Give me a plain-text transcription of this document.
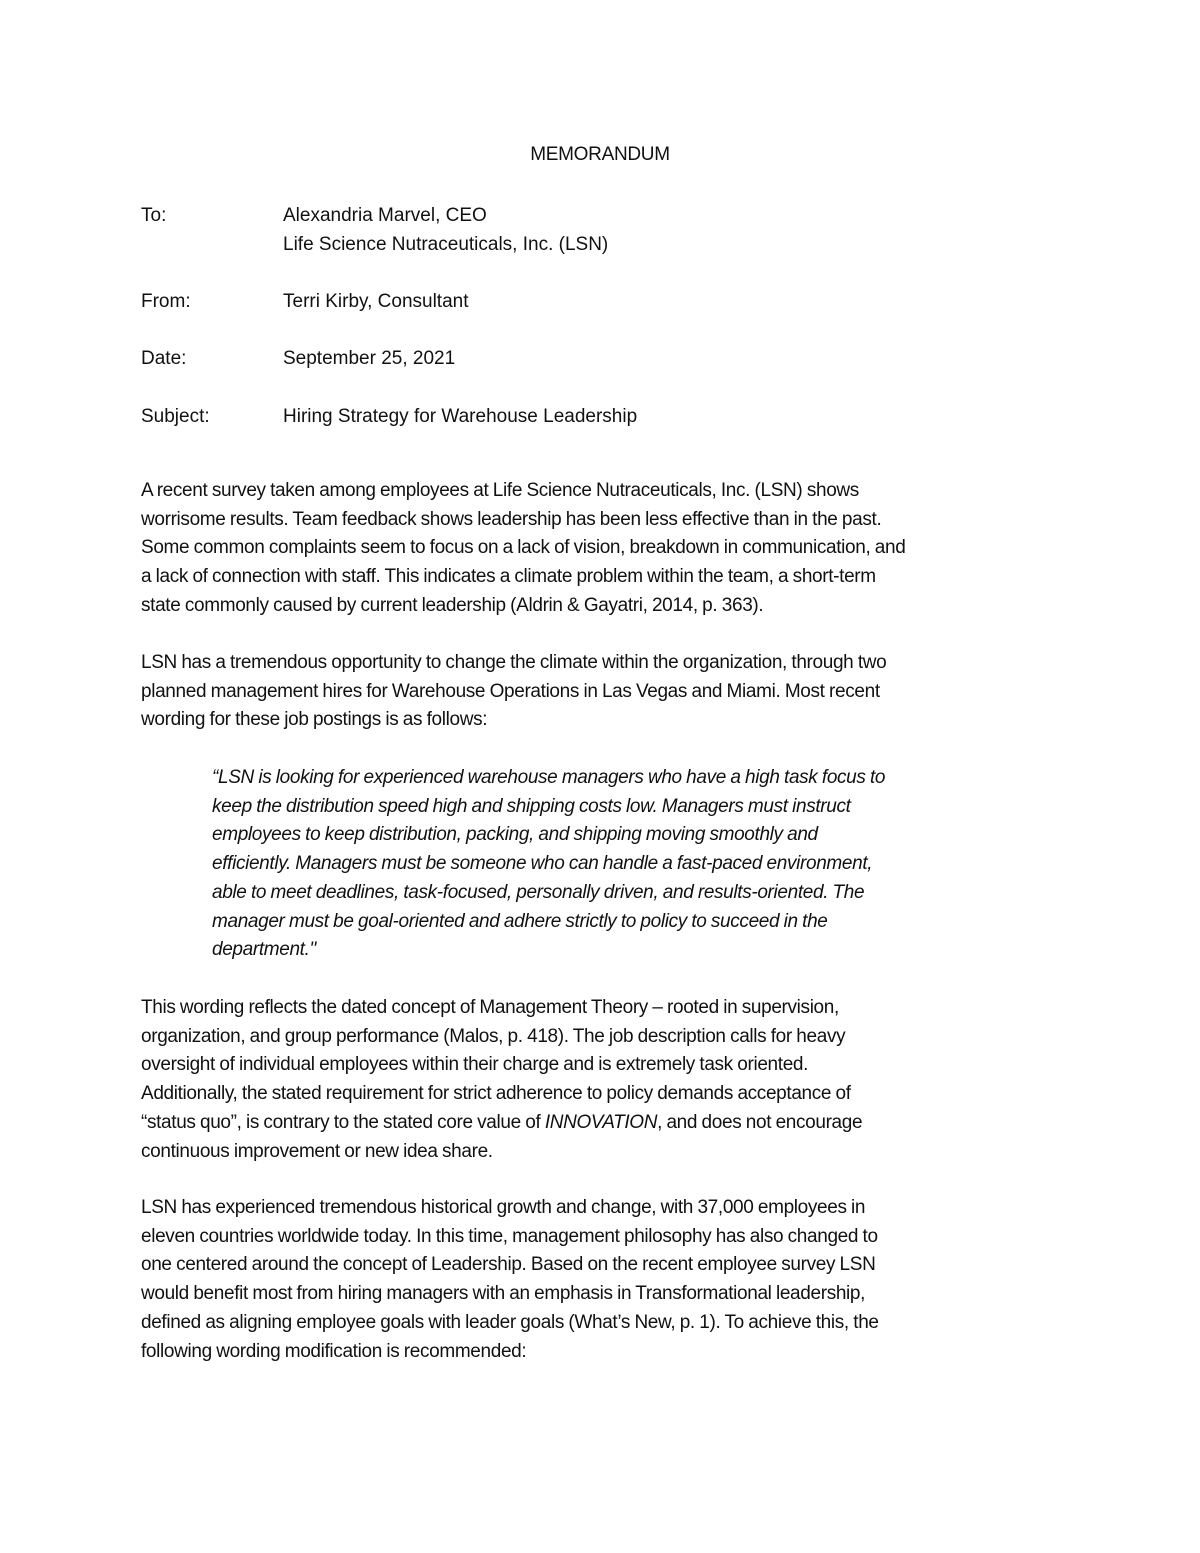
MEMORANDUM
To:	Alexandria Marvel, CEO
Life Science Nutraceuticals, Inc. (LSN)
From:	Terri Kirby, Consultant
Date:	September 25, 2021
Subject:	Hiring Strategy for Warehouse Leadership

A recent survey taken among employees at Life Science Nutraceuticals, Inc. (LSN) shows
worrisome results. Team feedback shows leadership has been less effective than in the past.
Some common complaints seem to focus on a lack of vision, breakdown in communication, and
a lack of connection with staff. This indicates a climate problem within the team, a short-term
state commonly caused by current leadership (Aldrin & Gayatri, 2014, p. 363).

LSN has a tremendous opportunity to change the climate within the organization, through two
planned management hires for Warehouse Operations in Las Vegas and Miami. Most recent
wording for these job postings is as follows:

“LSN is looking for experienced warehouse managers who have a high task focus to
keep the distribution speed high and shipping costs low. Managers must instruct
employees to keep distribution, packing, and shipping moving smoothly and
efficiently. Managers must be someone who can handle a fast-paced environment,
able to meet deadlines, task-focused, personally driven, and results-oriented. The
manager must be goal-oriented and adhere strictly to policy to succeed in the
department."

This wording reflects the dated concept of Management Theory – rooted in supervision,
organization, and group performance (Malos, p. 418). The job description calls for heavy
oversight of individual employees within their charge and is extremely task oriented.
Additionally, the stated requirement for strict adherence to policy demands acceptance of
“status quo”, is contrary to the stated core value of INNOVATION, and does not encourage
continuous improvement or new idea share.

LSN has experienced tremendous historical growth and change, with 37,000 employees in
eleven countries worldwide today. In this time, management philosophy has also changed to
one centered around the concept of Leadership. Based on the recent employee survey LSN
would benefit most from hiring managers with an emphasis in Transformational leadership,
defined as aligning employee goals with leader goals (What’s New, p. 1). To achieve this, the
following wording modification is recommended:
